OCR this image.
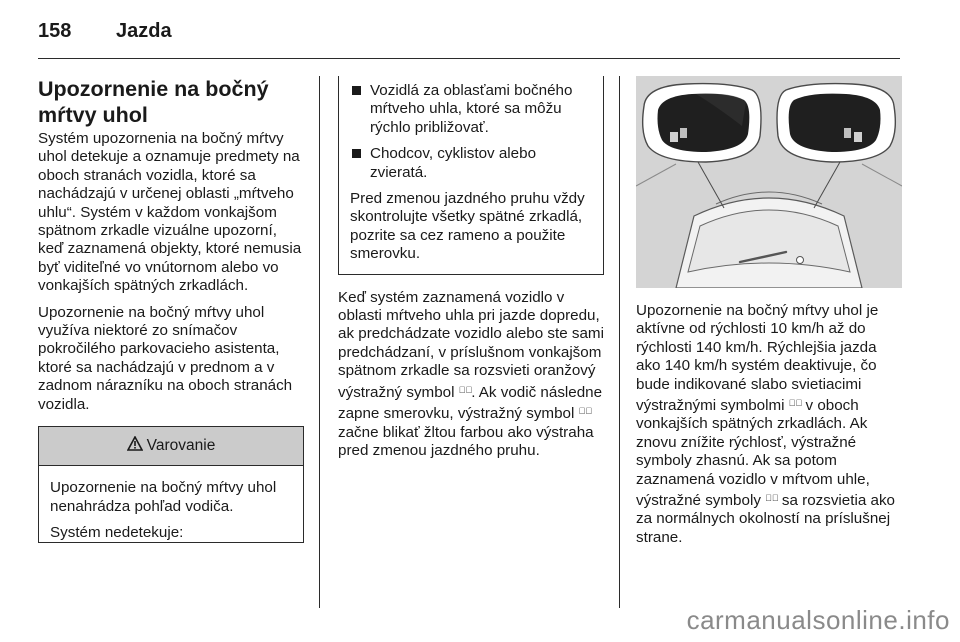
158 Jazda
Upozornenie na bočný mŕtvy uhol

Systém upozornenia na bočný mŕtvy uhol detekuje a oznamuje predmety na oboch stranách vozidla, ktoré sa nachádzajú v určenej oblasti „mŕtveho uhlu“. Systém v každom vonkajšom spätnom zrkadle vizuálne upozorní, keď zaznamená objekty, ktoré nemusia byť viditeľné vo vnútornom alebo vo vonkajších spätných zrkadlách.

Upozornenie na bočný mŕtvy uhol využíva niektoré zo snímačov pokročilého parkovacieho asistenta, ktoré sa nachádzajú v prednom a v zadnom nárazníku na oboch stranách vozidla.

Varovanie

Upozornenie na bočný mŕtvy uhol nenahrádza pohľad vodiča.

Systém nedetekuje:

Vozidlá za oblasťami bočného mŕtveho uhla, ktoré sa môžu rýchlo približovať.
Chodcov, cyklistov alebo zvieratá.

Pred zmenou jazdného pruhu vždy skontrolujte všetky spätné zrkadlá, pozrite sa cez rameno a použite smerovku.

Keď systém zaznamená vozidlo v oblasti mŕtveho uhla pri jazde dopredu, ak predchádzate vozidlo alebo ste sami predchádzaní, v príslušnom vonkajšom spätnom zrkadle sa rozsvieti oranžový výstražný symbol ⇗⃞. Ak vodič následne zapne smerovku, výstražný symbol ⇗⃞ začne blikať žltou farbou ako výstraha pred zmenou jazdného pruhu.

Upozornenie na bočný mŕtvy uhol je aktívne od rýchlosti 10 km/h až do rýchlosti 140 km/h. Rýchlejšia jazda ako 140 km/h systém deaktivuje, čo bude indikované slabo svietiacimi výstražnými symbolmi ⇗⃞ v oboch vonkajších spätných zrkadlách. Ak znovu znížite rýchlosť, výstražné symboly zhasnú. Ak sa potom zaznamená vozidlo v mŕtvom uhle, výstražné symboly ⇗⃞ sa rozsvietia ako za normálnych okolností na príslušnej strane.

carmanualsonline.info
